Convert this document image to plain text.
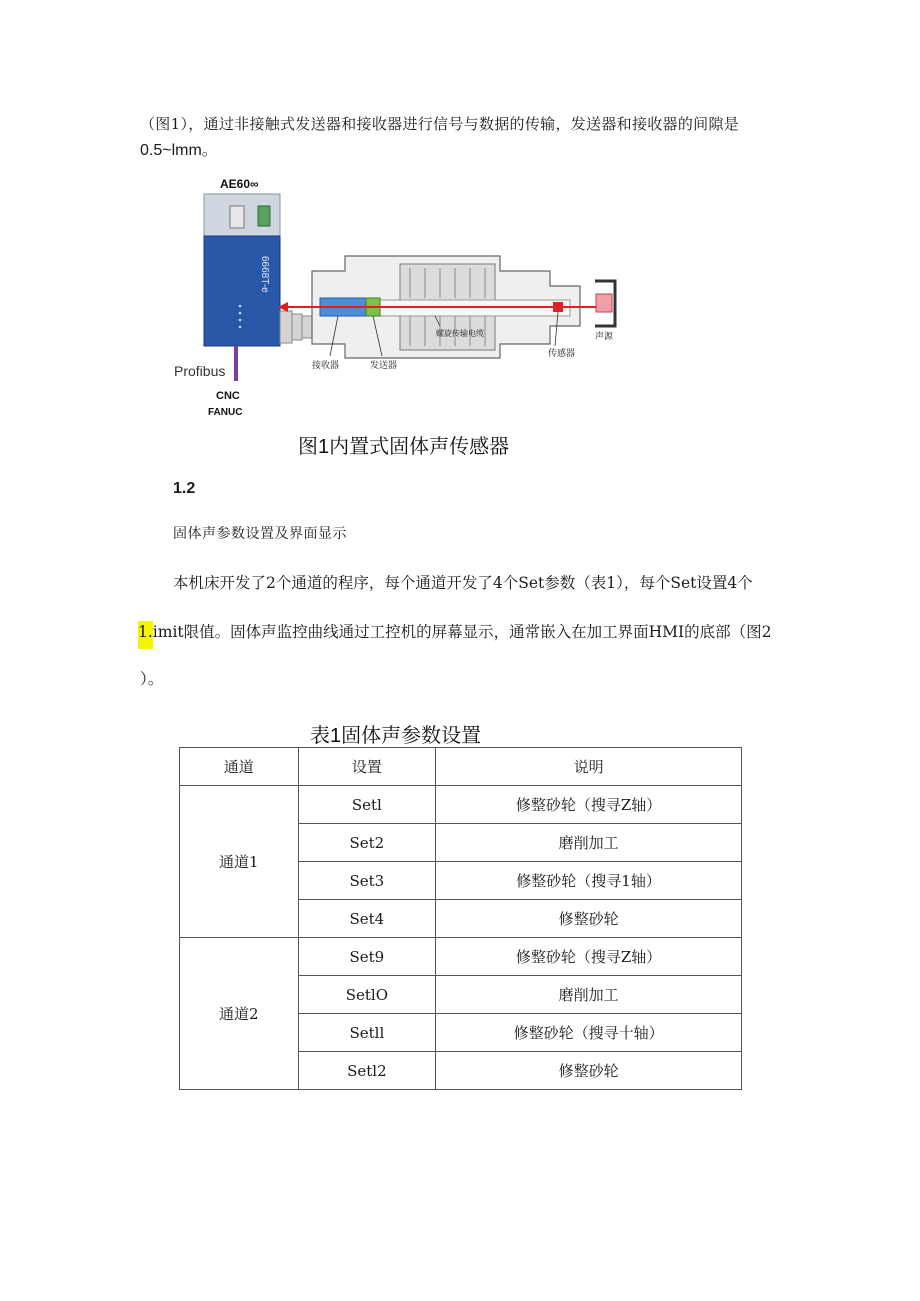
（图1），通过非接触式发送器和接收器进行信号与数据的传输，发送器和接收器的间隙是
0.5~lmm。
AE60∞
6668T-e
Profibus
CNC
FANUC
接收器	发送器
螺旋传输电缆
传感器
声源
图1内置式固体声传感器
1.2
固体声参数设置及界面显示
本机床开发了2个通道的程序，每个通道开发了4个Set参数（表1），每个Set设置4个
1.imit限值。固体声监控曲线通过工控机的屏幕显示，通常嵌入在加工界面HMI的底部（图2
）。
表1固体声参数设置
通道	设置	说明
通道1	Setl	修整砂轮（搜寻Z轴）
	Set2	磨削加工
	Set3	修整砂轮（搜寻1轴）
	Set4	修整砂轮
通道2	Set9	修整砂轮（搜寻Z轴）
	SetlO	磨削加工
	Setll	修整砂轮（搜寻十轴）
	Setl2	修整砂轮
